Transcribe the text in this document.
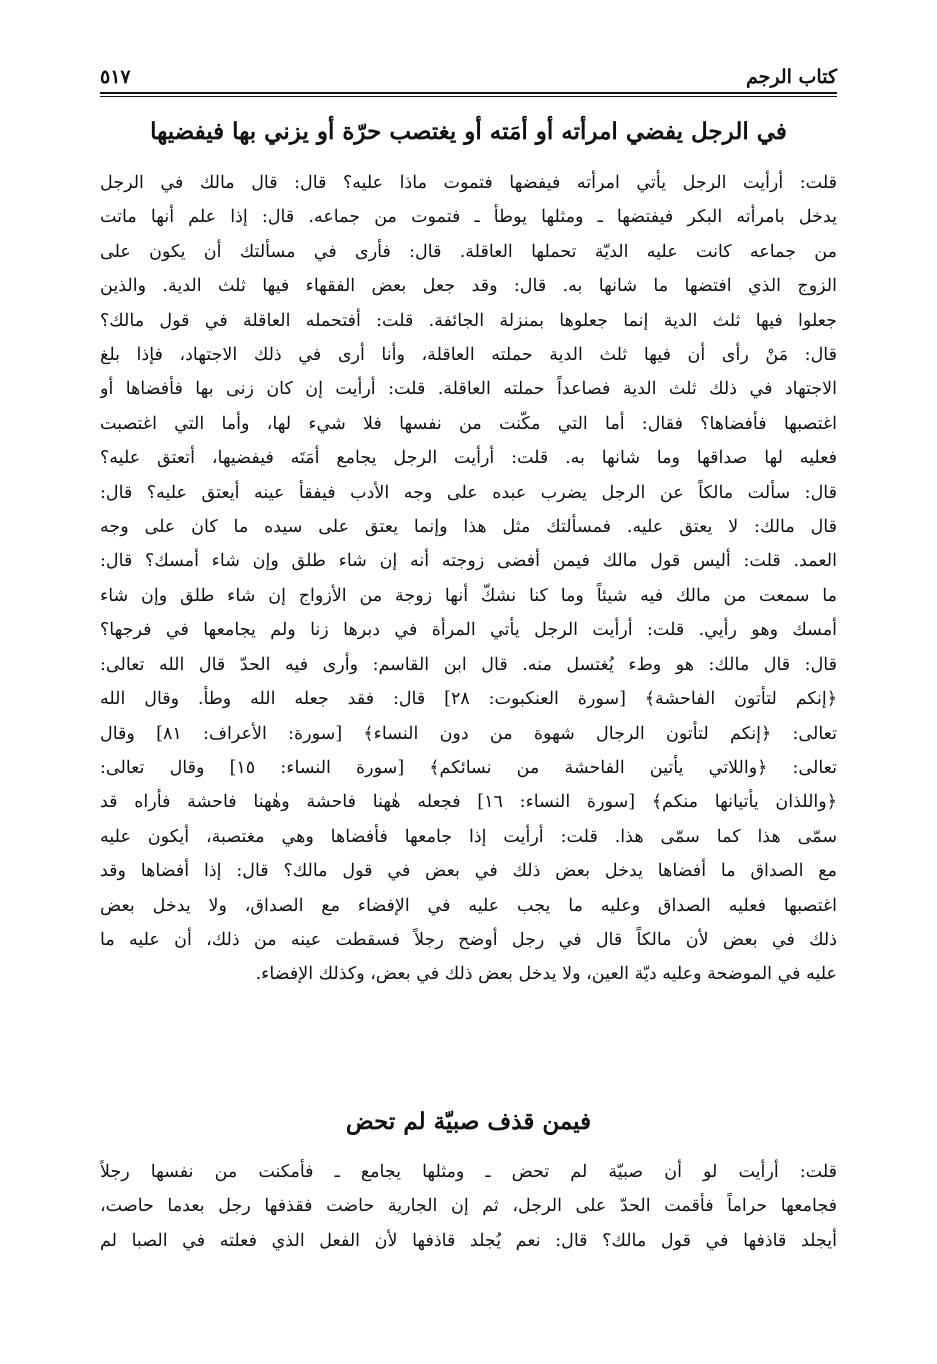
كتاب الرجم
٥١٧
في الرجل يفضي امرأته أو أمَته أو يغتصب حرّة أو يزني بها فيفضيها
قلت: أرأيت الرجل يأتي امرأته فيفضها فتموت ماذا عليه؟ قال: قال مالك في الرجل
يدخل بامرأته البكر فيفتضها ـ ومثلها يوطأ ـ فتموت من جماعه. قال: إذا علم أنها ماتت
من جماعه كانت عليه الديّة تحملها العاقلة. قال: فأرى في مسألتك أن يكون على
الزوج الذي افتضها ما شانها به. قال: وقد جعل بعض الفقهاء فيها ثلث الدية. والذين
جعلوا فيها ثلث الدية إنما جعلوها بمنزلة الجائفة. قلت: أفتحمله العاقلة في قول مالك؟
قال: مَنْ رأى أن فيها ثلث الدية حملته العاقلة، وأنا أرى في ذلك الاجتهاد، فإذا بلغ
الاجتهاد في ذلك ثلث الدية فصاعداً حملته العاقلة. قلت: أرأيت إن كان زنى بها فأفضاها أو
اغتصبها فأفضاها؟ فقال: أما التي مكّنت من نفسها فلا شيء لها، وأما التي اغتصبت
فعليه لها صداقها وما شانها به. قلت: أرأيت الرجل يجامع أمَتَه فيفضيها، أتعتق عليه؟
قال: سألت مالكاً عن الرجل يضرب عبده على وجه الأدب فيفقأ عينه أيعتق عليه؟ قال:
قال مالك: لا يعتق عليه. فمسألتك مثل هذا وإنما يعتق على سيده ما كان على وجه
العمد. قلت: أليس قول مالك فيمن أفضى زوجته أنه إن شاء طلق وإن شاء أمسك؟ قال:
ما سمعت من مالك فيه شيئاً وما كنا نشكّ أنها زوجة من الأزواج إن شاء طلق وإن شاء
أمسك وهو رأيي. قلت: أرأيت الرجل يأتي المرأة في دبرها زنا ولم يجامعها في فرجها؟
قال: قال مالك: هو وطء يُغتسل منه. قال ابن القاسم: وأرى فيه الحدّ قال الله تعالى:
﴿إنكم لتأتون الفاحشة﴾ [سورة العنكبوت: ٢٨] قال: فقد جعله الله وطأ. وقال الله
تعالى: ﴿إنكم لتأتون الرجال شهوة من دون النساء﴾ [سورة: الأعراف: ٨١] وقال
تعالى: ﴿واللاتي يأتين الفاحشة من نسائكم﴾ [سورة النساء: ١٥] وقال تعالى:
﴿واللذان يأتيانها منكم﴾ [سورة النساء: ١٦] فجعله هٰهنا فاحشة وهٰهنا فاحشة فأراه قد
سمّى هذا كما سمّى هذا. قلت: أرأيت إذا جامعها فأفضاها وهي مغتصبة، أيكون عليه
مع الصداق ما أفضاها يدخل بعض ذلك في بعض في قول مالك؟ قال: إذا أفضاها وقد
اغتصبها فعليه الصداق وعليه ما يجب عليه في الإفضاء مع الصداق، ولا يدخل بعض
ذلك في بعض لأن مالكاً قال في رجل أوضح رجلاً فسقطت عينه من ذلك، أن عليه ما
عليه في الموضحة وعليه ديّة العين، ولا يدخل بعض ذلك في بعض، وكذلك الإفضاء.
فيمن قذف صبيّة لم تحض
قلت: أرأيت لو أن صبيّة لم تحض ـ ومثلها يجامع ـ فأمكنت من نفسها رجلاً
فجامعها حراماً فأقمت الحدّ على الرجل، ثم إن الجارية حاضت فقذفها رجل بعدما حاصت،
أيجلد قاذفها في قول مالك؟ قال: نعم يُجلد قاذفها لأن الفعل الذي فعلته في الصبا لم
